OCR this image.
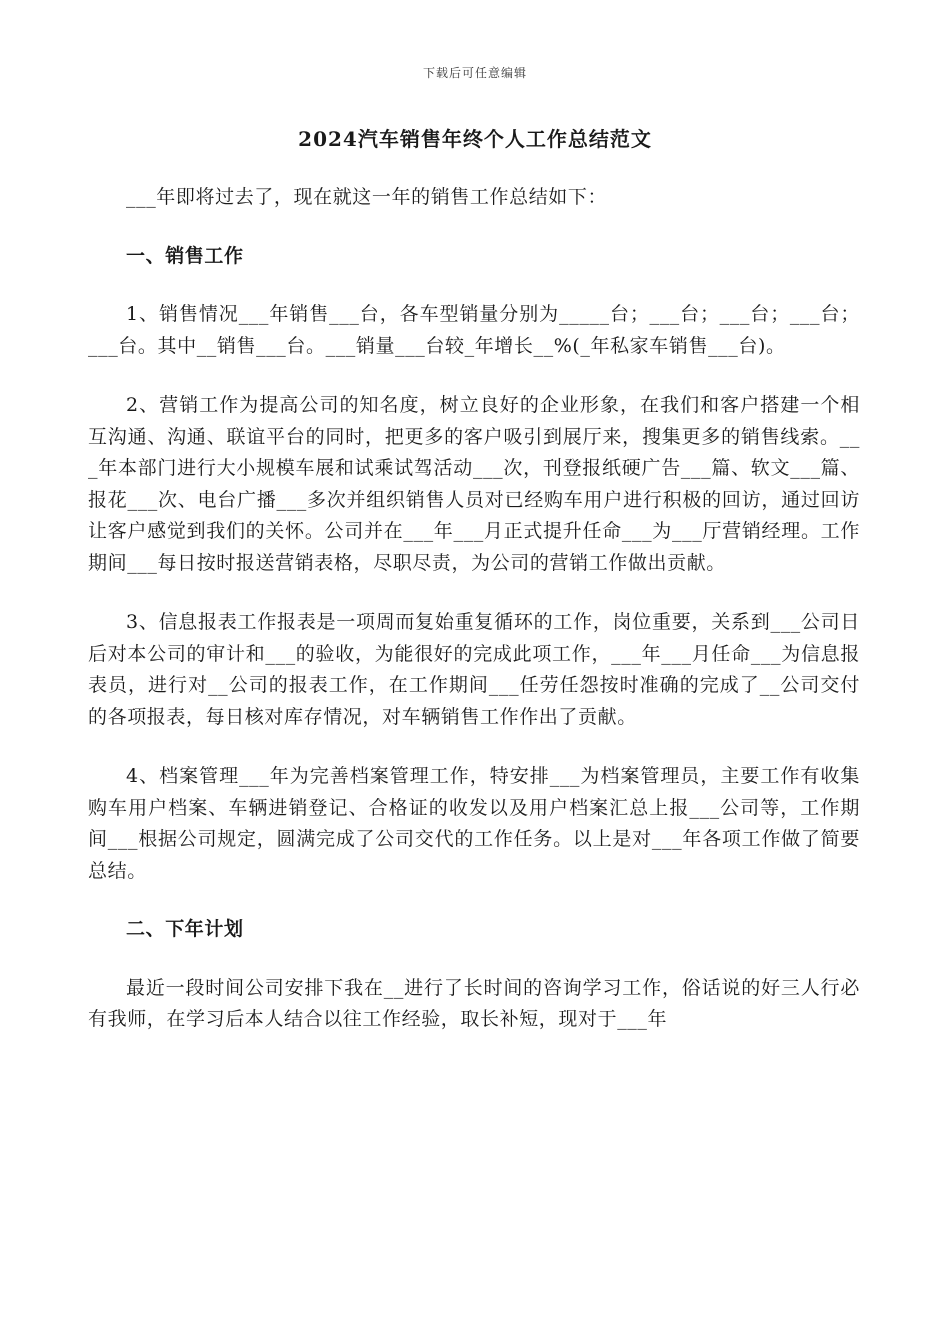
下载后可任意编辑
2024汽车销售年终个人工作总结范文

___年即将过去了，现在就这一年的销售工作总结如下：

一、销售工作

1、销售情况___年销售___台，各车型销量分别为_____台；___台；___台；___台；___台。其中__销售___台。___销量___台较_年增长__%(_年私家车销售___台)。

2、营销工作为提高公司的知名度，树立良好的企业形象，在我们和客户搭建一个相互沟通、沟通、联谊平台的同时，把更多的客户吸引到展厅来，搜集更多的销售线索。___年本部门进行大小规模车展和试乘试驾活动___次，刊登报纸硬广告___篇、软文___篇、报花___次、电台广播___多次并组织销售人员对已经购车用户进行积极的回访，通过回访让客户感觉到我们的关怀。公司并在___年___月正式提升任命___为___厅营销经理。工作期间___每日按时报送营销表格，尽职尽责，为公司的营销工作做出贡献。

3、信息报表工作报表是一项周而复始重复循环的工作，岗位重要，关系到___公司日后对本公司的审计和___的验收，为能很好的完成此项工作，___年___月任命___为信息报表员，进行对__公司的报表工作，在工作期间___任劳任怨按时准确的完成了__公司交付的各项报表，每日核对库存情况，对车辆销售工作作出了贡献。

4、档案管理___年为完善档案管理工作，特安排___为档案管理员，主要工作有收集购车用户档案、车辆进销登记、合格证的收发以及用户档案汇总上报___公司等，工作期间___根据公司规定，圆满完成了公司交代的工作任务。以上是对___年各项工作做了简要总结。

二、下年计划

最近一段时间公司安排下我在__进行了长时间的咨询学习工作，俗话说的好三人行必有我师，在学习后本人结合以往工作经验，取长补短，现对于___年
